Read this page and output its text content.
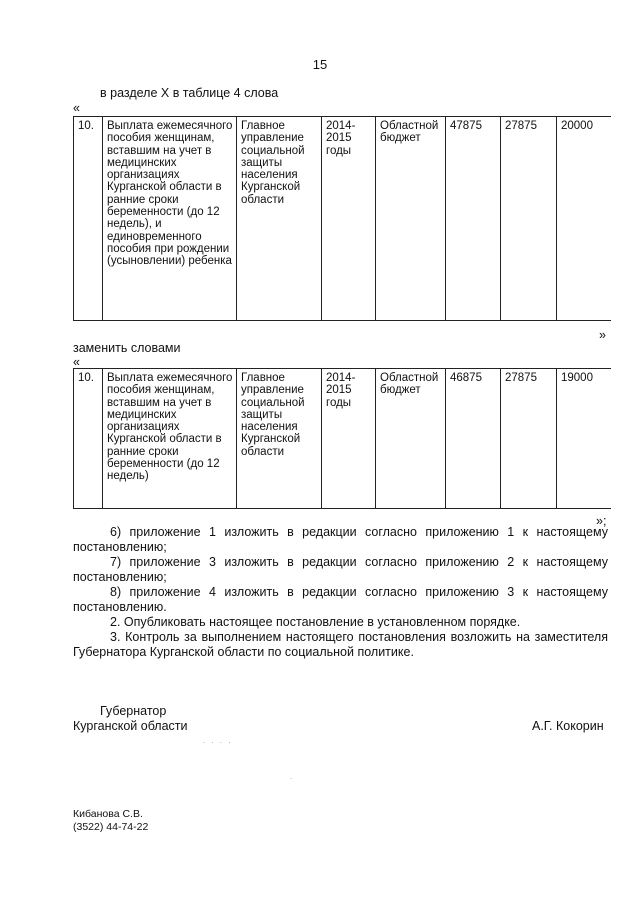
15
в разделе X в таблице 4 слова
«
10.	Выплата ежемесячного пособия женщинам, вставшим на учет в медицинских организациях Курганской области в ранние сроки беременности (до 12 недель), и единовременного пособия при рождении (усыновлении) ребенка	Главное управление социальной защиты населения Курганской области	2014-2015 годы	Областной бюджет	47875	27875	20000
»
заменить словами
«
10.	Выплата ежемесячного пособия женщинам, вставшим на учет в медицинских организациях Курганской области в ранние сроки беременности (до 12 недель)	Главное управление социальной защиты населения Курганской области	2014-2015 годы	Областной бюджет	46875	27875	19000
»;
6) приложение 1 изложить в редакции согласно приложению 1 к настоящему постановлению;
7) приложение 3 изложить в редакции согласно приложению 2 к настоящему постановлению;
8) приложение 4 изложить в редакции согласно приложению 3 к настоящему постановлению.
2. Опубликовать настоящее постановление в установленном порядке.
3. Контроль за выполнением настоящего постановления возложить на заместителя Губернатора Курганской области по социальной политике.
Губернатор
Курганской области	А.Г. Кокорин
. . . .
.
Кибанова С.В.
(3522) 44-74-22
